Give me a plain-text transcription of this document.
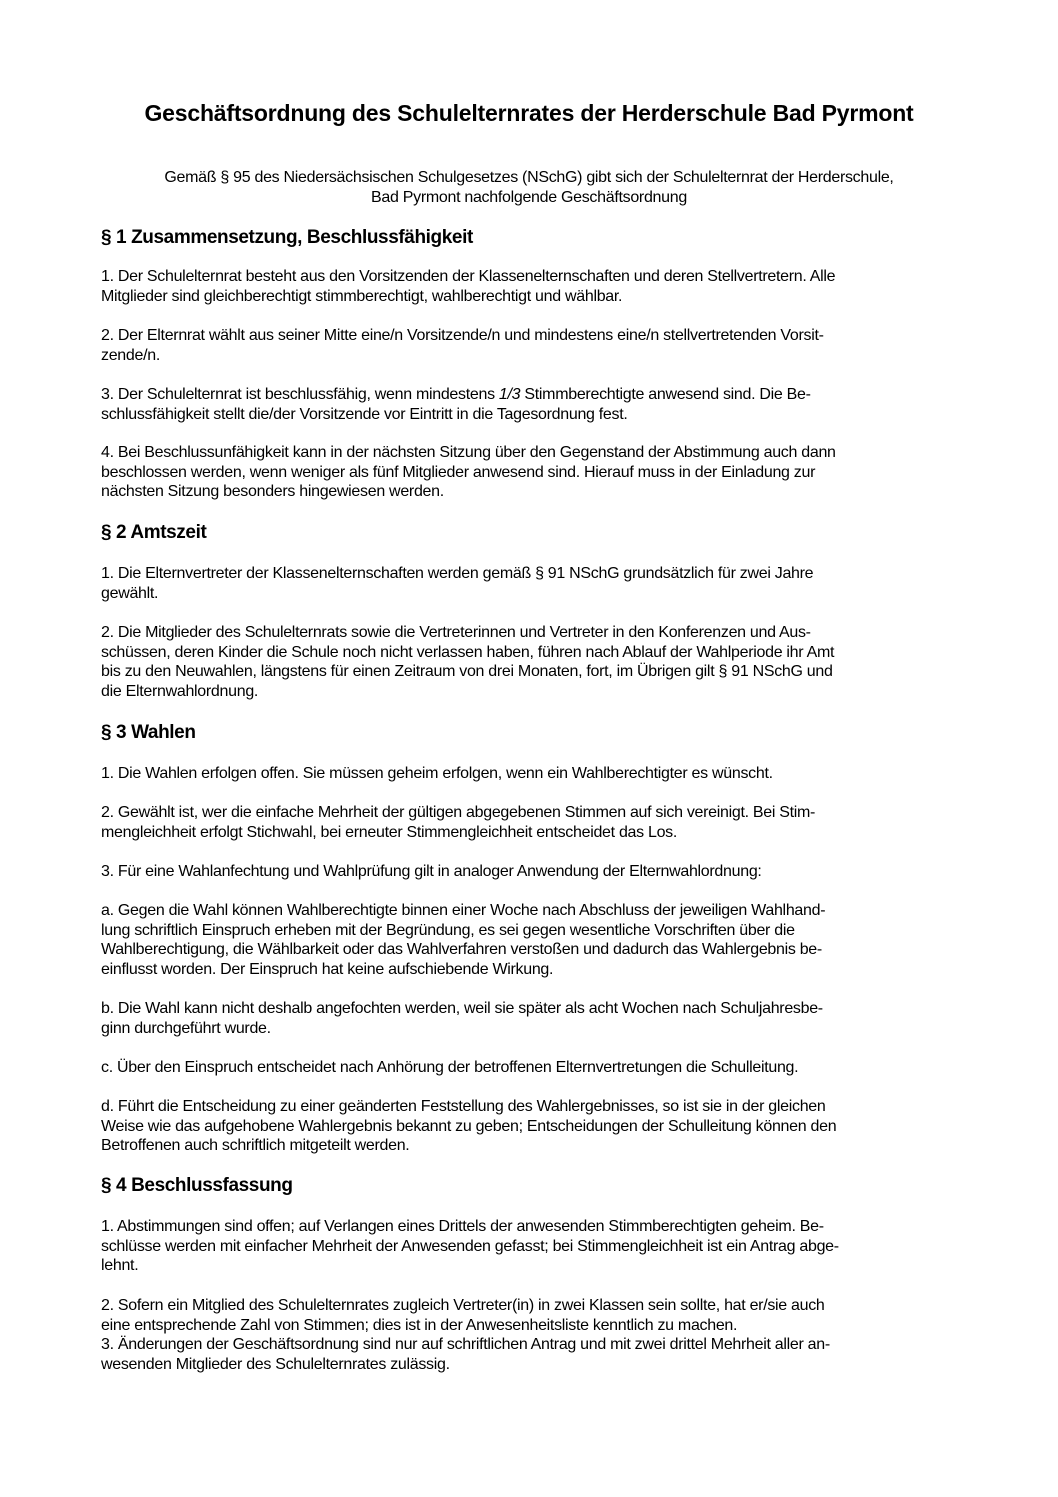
Geschäftsordnung des Schulelternrates der Herderschule Bad Pyrmont
Gemäß § 95 des Niedersächsischen Schulgesetzes (NSchG) gibt sich der Schulelternrat der Herderschule,
Bad Pyrmont nachfolgende Geschäftsordnung
§ 1 Zusammensetzung, Beschlussfähigkeit
1. Der Schulelternrat besteht aus den Vorsitzenden der Klassenelternschaften und deren Stellvertretern. Alle
Mitglieder sind gleichberechtigt stimmberechtigt, wahlberechtigt und wählbar.
2. Der Elternrat wählt aus seiner Mitte eine/n Vorsitzende/n und mindestens eine/n stellvertretenden Vorsit-
zende/n.
3. Der Schulelternrat ist beschlussfähig, wenn mindestens 1/3 Stimmberechtigte anwesend sind. Die Be-
schlussfähigkeit stellt die/der Vorsitzende vor Eintritt in die Tagesordnung fest.
4. Bei Beschlussunfähigkeit kann in der nächsten Sitzung über den Gegenstand der Abstimmung auch dann
beschlossen werden, wenn weniger als fünf Mitglieder anwesend sind. Hierauf muss in der Einladung zur
nächsten Sitzung besonders hingewiesen werden.
§ 2 Amtszeit
1. Die Elternvertreter der Klassenelternschaften werden gemäß § 91 NSchG grundsätzlich für zwei Jahre
gewählt.
2. Die Mitglieder des Schulelternrats sowie die Vertreterinnen und Vertreter in den Konferenzen und Aus-
schüssen, deren Kinder die Schule noch nicht verlassen haben, führen nach Ablauf der Wahlperiode ihr Amt
bis zu den Neuwahlen, längstens für einen Zeitraum von drei Monaten, fort, im Übrigen gilt § 91 NSchG und
die Elternwahlordnung.
§ 3 Wahlen
1. Die Wahlen erfolgen offen. Sie müssen geheim erfolgen, wenn ein Wahlberechtigter es wünscht.
2. Gewählt ist, wer die einfache Mehrheit der gültigen abgegebenen Stimmen auf sich vereinigt. Bei Stim-
mengleichheit erfolgt Stichwahl, bei erneuter Stimmengleichheit entscheidet das Los.
3. Für eine Wahlanfechtung und Wahlprüfung gilt in analoger Anwendung der Elternwahlordnung:
a. Gegen die Wahl können Wahlberechtigte binnen einer Woche nach Abschluss der jeweiligen Wahlhand-
lung schriftlich Einspruch erheben mit der Begründung, es sei gegen wesentliche Vorschriften über die
Wahlberechtigung, die Wählbarkeit oder das Wahlverfahren verstoßen und dadurch das Wahlergebnis be-
einflusst worden. Der Einspruch hat keine aufschiebende Wirkung.
b. Die Wahl kann nicht deshalb angefochten werden, weil sie später als acht Wochen nach Schuljahresbe-
ginn durchgeführt wurde.
c. Über den Einspruch entscheidet nach Anhörung der betroffenen Elternvertretungen die Schulleitung.
d. Führt die Entscheidung zu einer geänderten Feststellung des Wahlergebnisses, so ist sie in der gleichen
Weise wie das aufgehobene Wahlergebnis bekannt zu geben; Entscheidungen der Schulleitung können den
Betroffenen auch schriftlich mitgeteilt werden.
§ 4 Beschlussfassung
1. Abstimmungen sind offen; auf Verlangen eines Drittels der anwesenden Stimmberechtigten geheim. Be-
schlüsse werden mit einfacher Mehrheit der Anwesenden gefasst; bei Stimmengleichheit ist ein Antrag abge-
lehnt.
2. Sofern ein Mitglied des Schulelternrates zugleich Vertreter(in) in zwei Klassen sein sollte, hat er/sie auch
eine entsprechende Zahl von Stimmen; dies ist in der Anwesenheitsliste kenntlich zu machen.
3. Änderungen der Geschäftsordnung sind nur auf schriftlichen Antrag und mit zwei drittel Mehrheit aller an-
wesenden Mitglieder des Schulelternrates zulässig.
